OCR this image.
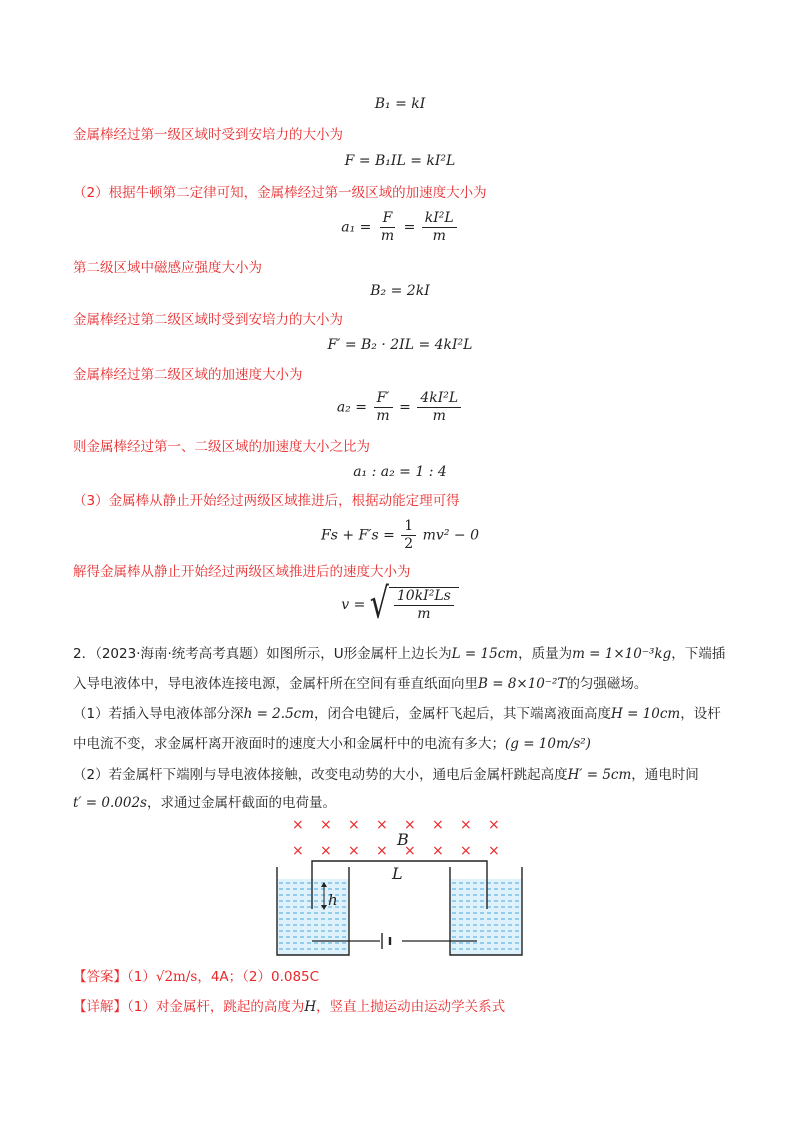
B₁ = kI
金属棒经过第一级区域时受到安培力的大小为
F = B₁IL = kI²L
（2）根据牛顿第二定律可知，金属棒经过第一级区域的加速度大小为
$a_1 = \frac{F}{m} = \frac{\text{kI²L}}{m}$
第二级区域中磁感应强度大小为
B₂ = 2kI
金属棒经过第二级区域时受到安培力的大小为
F′ = B₂ · 2IL = 4kI²L
金属棒经过第二级区域的加速度大小为
$a_2 = \frac{F'}{m} = \frac{\text{4kI²L}}{m}$
则金属棒经过第一、二级区域的加速度大小之比为
a₁ : a₂ = 1 : 4
（3）金属棒从静止开始经过两级区域推进后，根据动能定理可得
$Fs + F's = \frac{1}{2} mv^2 - 0$
解得金属棒从静止开始经过两级区域推进后的速度大小为
v = √ $\frac{\text{10kI²Ls}}{m}$
2．（2023·海南·统考高考真题）如图所示，U形金属杆上边长为L = 15cm，质量为m = 1×10⁻³kg，下端插
入导电液体中，导电液体连接电源，金属杆所在空间有垂直纸面向里B = 8×10⁻²T的匀强磁场。
（1）若插入导电液体部分深h = 2.5cm，闭合电键后，金属杆飞起后，其下端离液面高度H = 10cm，设杆
中电流不变，求金属杆离开液面时的速度大小和金属杆中的电流有多大；(g = 10m/s²)
（2）若金属杆下端刚与导电液体接触，改变电动势的大小，通电后金属杆跳起高度H′ = 5cm，通电时间
t′ = 0.002s，求通过金属杆截面的电荷量。
× × × × × × × ×
× × × × × × × ×
B
L
h
【答案】（1）√2m/s，4A；（2）0.085C
【详解】（1）对金属杆，跳起的高度为H，竖直上抛运动由运动学关系式
